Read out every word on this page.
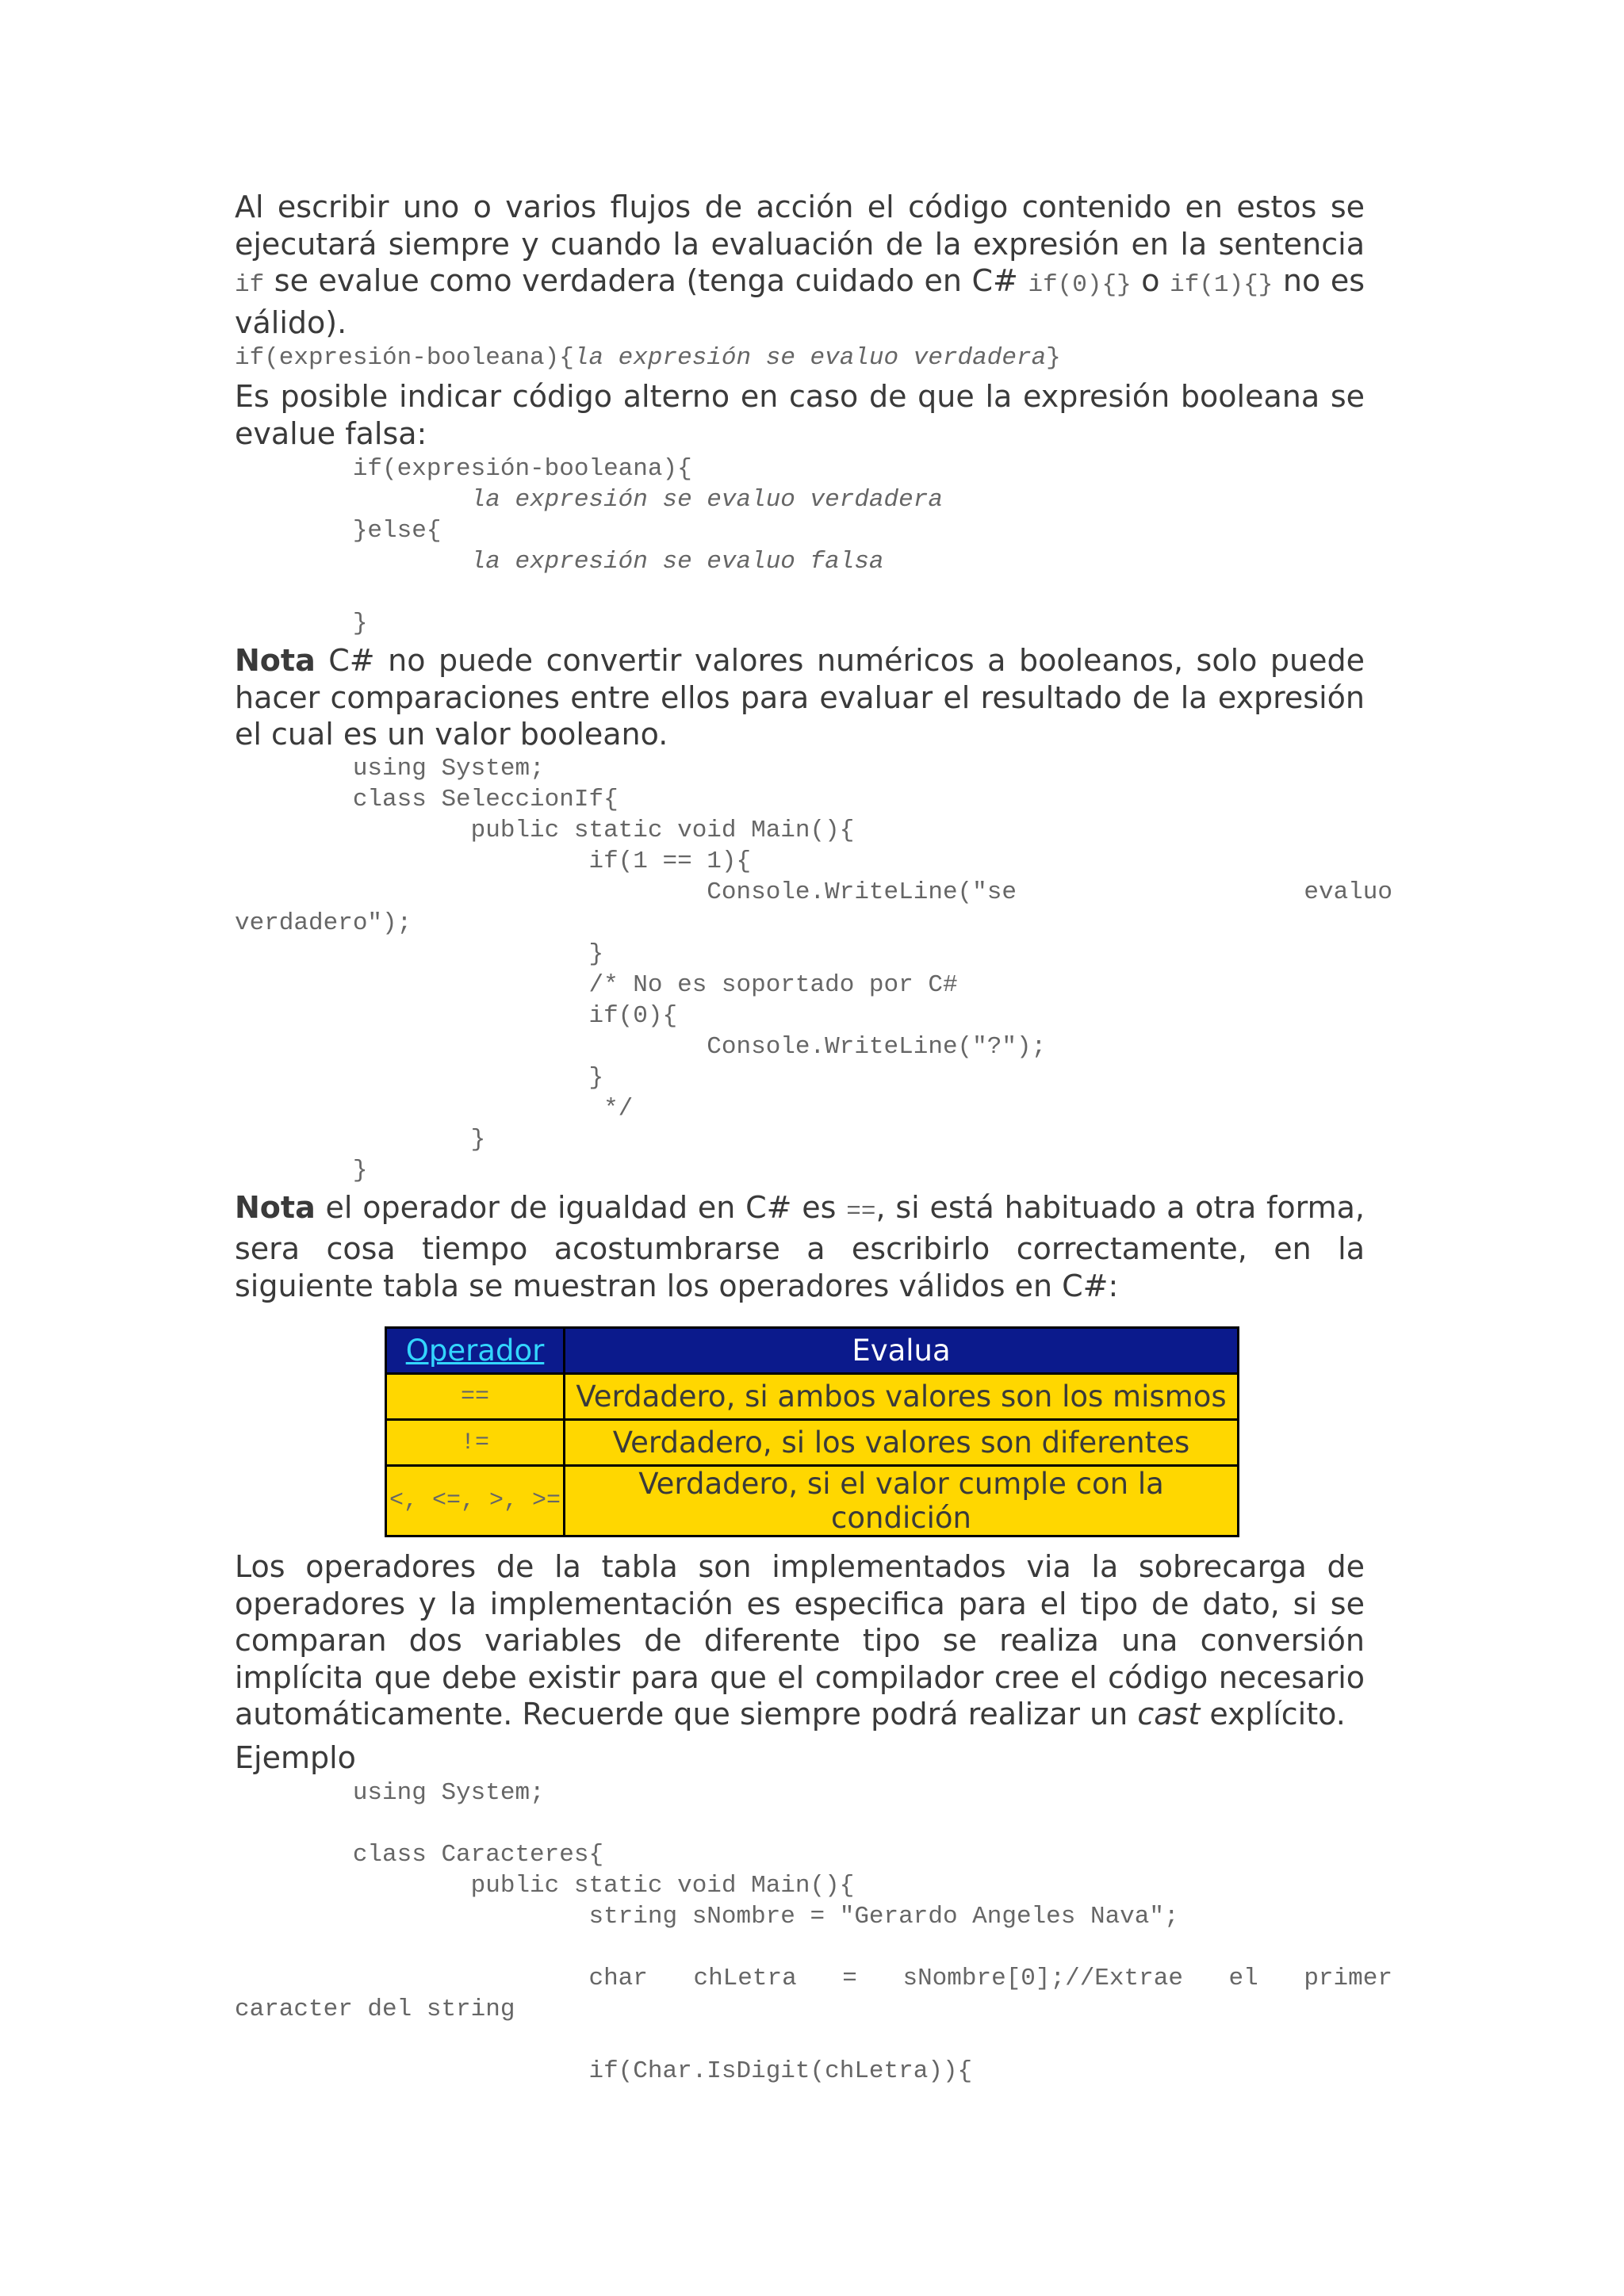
Al escribir uno o varios flujos de acción el código contenido en estos se ejecutará siempre y cuando la evaluación de la expresión en la sentencia if se evalue como verdadera (tenga cuidado en C# if(0){} o if(1){} no es válido).

if(expresión-booleana){la expresión se evaluo verdadera}

Es posible indicar código alterno en caso de que la expresión booleana se evalue falsa:

if(expresión-booleana){
la expresión se evaluo verdadera
}else{
la expresión se evaluo falsa
}

Nota C# no puede convertir valores numéricos a booleanos, solo puede hacer comparaciones entre ellos para evaluar el resultado de la expresión el cual es un valor booleano.

using System;
class SeleccionIf{
public static void Main(){
if(1 == 1){
Console.WriteLine("se	evaluo
verdadero");
}
/* No es soportado por C#
if(0){
Console.WriteLine("?");
}
*/
}
}

Nota el operador de igualdad en C# es ==, si está habituado a otra forma, sera cosa tiempo acostumbrarse a escribirlo correctamente, en la siguiente tabla se muestran los operadores válidos en C#:

Operador	Evalua
==	Verdadero, si ambos valores son los mismos
!=	Verdadero, si los valores son diferentes
<, <=, >, >=	Verdadero, si el valor cumple con la condición

Los operadores de la tabla son implementados via la sobrecarga de operadores y la implementación es especifica para el tipo de dato, si se comparan dos variables de diferente tipo se realiza una conversión implícita que debe existir para que el compilador cree el código necesario automáticamente. Recuerde que siempre podrá realizar un cast explícito.

Ejemplo

using System;
class Caracteres{
public static void Main(){
string sNombre = "Gerardo Angeles Nava";
char chLetra = sNombre[0];//Extrae el primer
caracter del string
if(Char.IsDigit(chLetra)){
